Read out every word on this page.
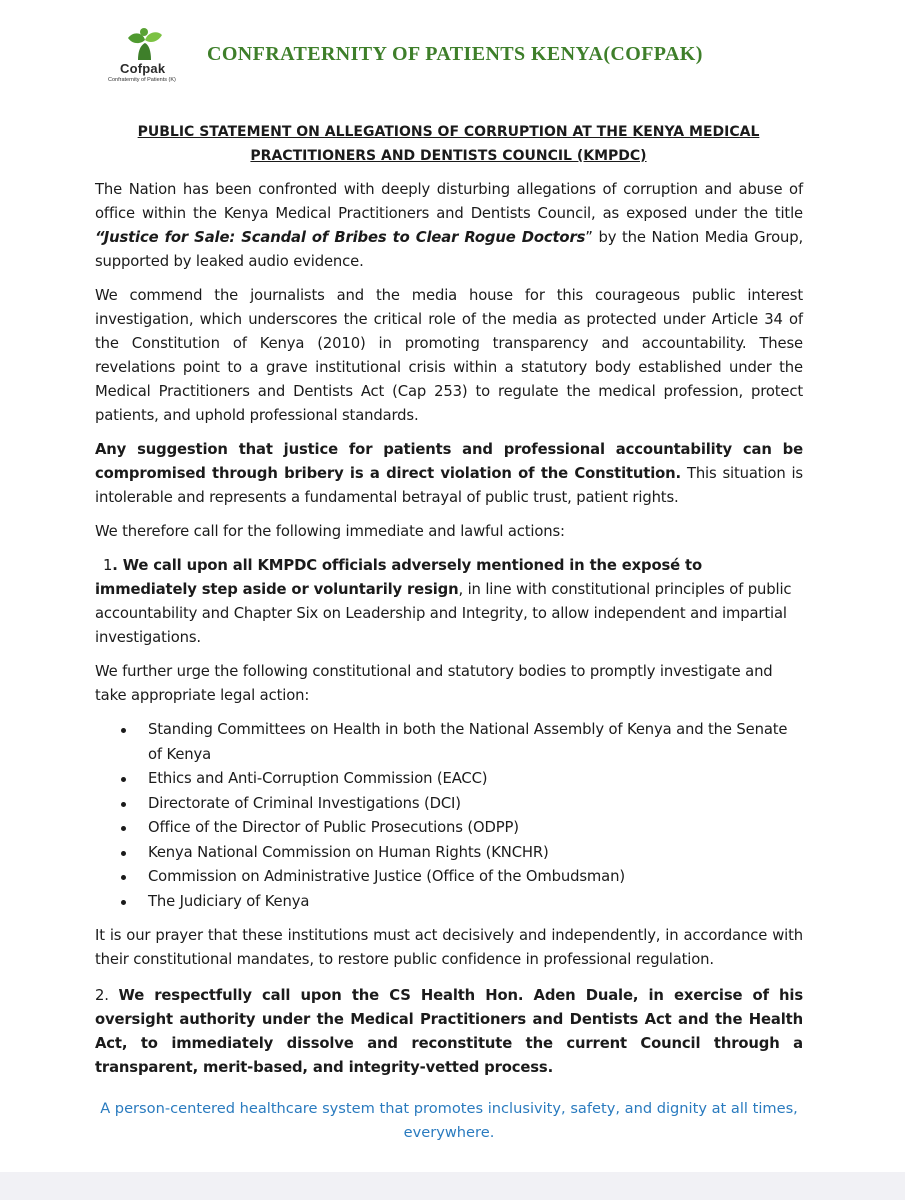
Cofpak
Confraternity of Patients (K)
CONFRATERNITY OF PATIENTS KENYA(COFPAK)
PUBLIC STATEMENT ON ALLEGATIONS OF CORRUPTION AT THE KENYA MEDICAL
PRACTITIONERS AND DENTISTS COUNCIL (KMPDC)

The Nation has been confronted with deeply disturbing allegations of corruption and abuse of office within the Kenya Medical Practitioners and Dentists Council, as exposed under the title “Justice for Sale: Scandal of Bribes to Clear Rogue Doctors” by the Nation Media Group, supported by leaked audio evidence.

We commend the journalists and the media house for this courageous public interest investigation, which underscores the critical role of the media as protected under Article 34 of the Constitution of Kenya (2010) in promoting transparency and accountability. These revelations point to a grave institutional crisis within a statutory body established under the Medical Practitioners and Dentists Act (Cap 253) to regulate the medical profession, protect patients, and uphold professional standards.

Any suggestion that justice for patients and professional accountability can be compromised through bribery is a direct violation of the Constitution. This situation is intolerable and represents a fundamental betrayal of public trust, patient rights.

We therefore call for the following immediate and lawful actions:

1. We call upon all KMPDC officials adversely mentioned in the exposé to immediately step aside or voluntarily resign, in line with constitutional principles of public accountability and Chapter Six on Leadership and Integrity, to allow independent and impartial investigations.

We further urge the following constitutional and statutory bodies to promptly investigate and take appropriate legal action:

Standing Committees on Health in both the National Assembly of Kenya and the Senate of Kenya
Ethics and Anti-Corruption Commission (EACC)
Directorate of Criminal Investigations (DCI)
Office of the Director of Public Prosecutions (ODPP)
Kenya National Commission on Human Rights (KNCHR)
Commission on Administrative Justice (Office of the Ombudsman)
The Judiciary of Kenya

It is our prayer that these institutions must act decisively and independently, in accordance with their constitutional mandates, to restore public confidence in professional regulation.

2. We respectfully call upon the CS Health Hon. Aden Duale, in exercise of his oversight authority under the Medical Practitioners and Dentists Act and the Health Act, to immediately dissolve and reconstitute the current Council through a transparent, merit-based, and integrity-vetted process.

A person-centered healthcare system that promotes inclusivity, safety, and dignity at all times, everywhere.
